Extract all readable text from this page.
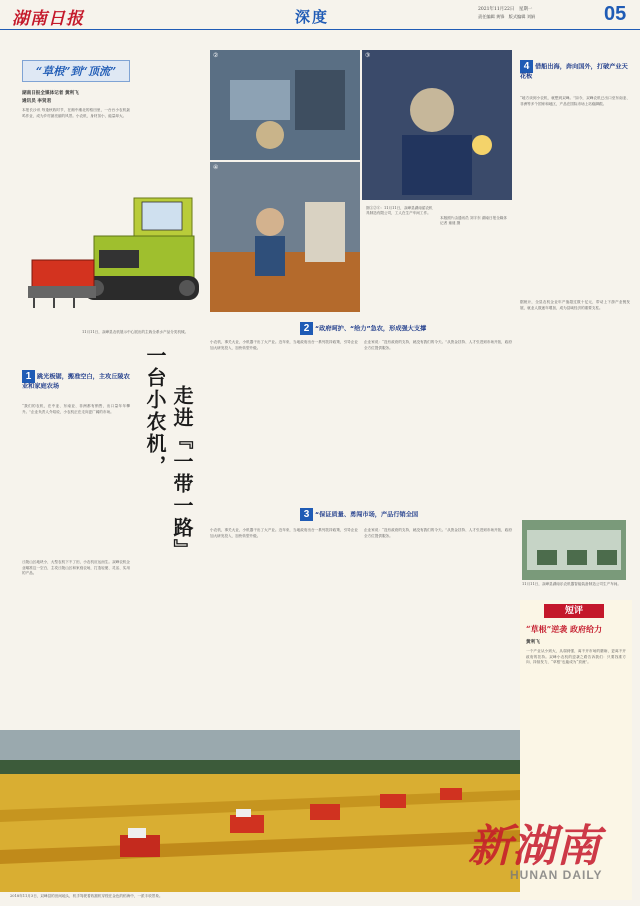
湖南日报	深度	2021年11月22日　星期一
责任编辑 黄锋　版式编辑 刘娟	05
“草根”到“顶流”
湖南日报全媒体记者 黄利飞
通讯员 李贤君
本报长沙讯 每逢秋收时节，在湘中湘北的稻田里，一台台小农机轰鸣作业，成为乡村最亮丽的风景。小农机，身材虽小，能量却大。
11月11日，双峰县农机展示中心展出的主栽全系水产品分类机械。
1 跳光板锯，搬准空白，主攻丘陵农业和家庭农场
“我们的农机，在中亚、东南亚、非洲都有销售，出口量年年攀升。”企业负责人介绍说，小农机正在走向更广阔的市场。
丘陵山区地块小，大型农机下不了田，小农机应运而生。双峰农机企业瞄准这一空白，主攻丘陵山区和家庭农场，打造轻便、灵活、实用的产品。
一台小农机， 走进『一带一路』
②	③
④
图①②④：11月11日，双峰县湖南韶农机具制造有限公司，工人在生产车间工作。
本版照片由通讯员 刘宇东 湖南日报全媒体记者 童迪 摄
4 借船出海，奔向国外，打破产业天花板
“地方谈到小农机，就想到双峰。”如今，双峰农机已出口至东南亚、非洲等多个国家和地区，产品在国际市场上站稳脚跟。
据统计，全县农机企业年产值超过数十亿元，带动上下游产业链发展，就业人数逐年增加，成为县域经济的重要支柱。
11月11日，双峰县湖南乐农机器智能装备制造公司生产车间。
2 “政府呵护、“给力”急农，形成强大支撑
小农机，事关大业，小机器干出了大产业。近年来，当地政府出台一系列扶持政策，引导企业加大研发投入，加快转型升级。
企业家说：“没有政府的支持，就没有我们的今天。”从资金扶持、人才引进到市场开拓，政府全方位提供服务。
3 “保证质量、勇闯市场，产品行销全国
小农机，事关大业，小机器干出了大产业。近年来，当地政府出台一系列扶持政策，引导企业加大研发投入，加快转型升级。
企业家说：“没有政府的支持，就没有我们的今天。”从资金扶持、人才引进到市场开拓，政府全方位提供服务。
短评
“草根”逆袭 政府给力
黄利飞
一个产业从小到大，从弱到强，离不开市场的磨砺，更离不开政府的扶持。双峰小农机的逆袭之路告诉我们：只要找准方向、持续发力，“草根”也能成为“顶流”。
2018年11月3日，双峰县的田间地头，机手驾驶着收割机穿梭在金色的稻海中，一派丰收景象。
新湖南
HUNAN DAILY
